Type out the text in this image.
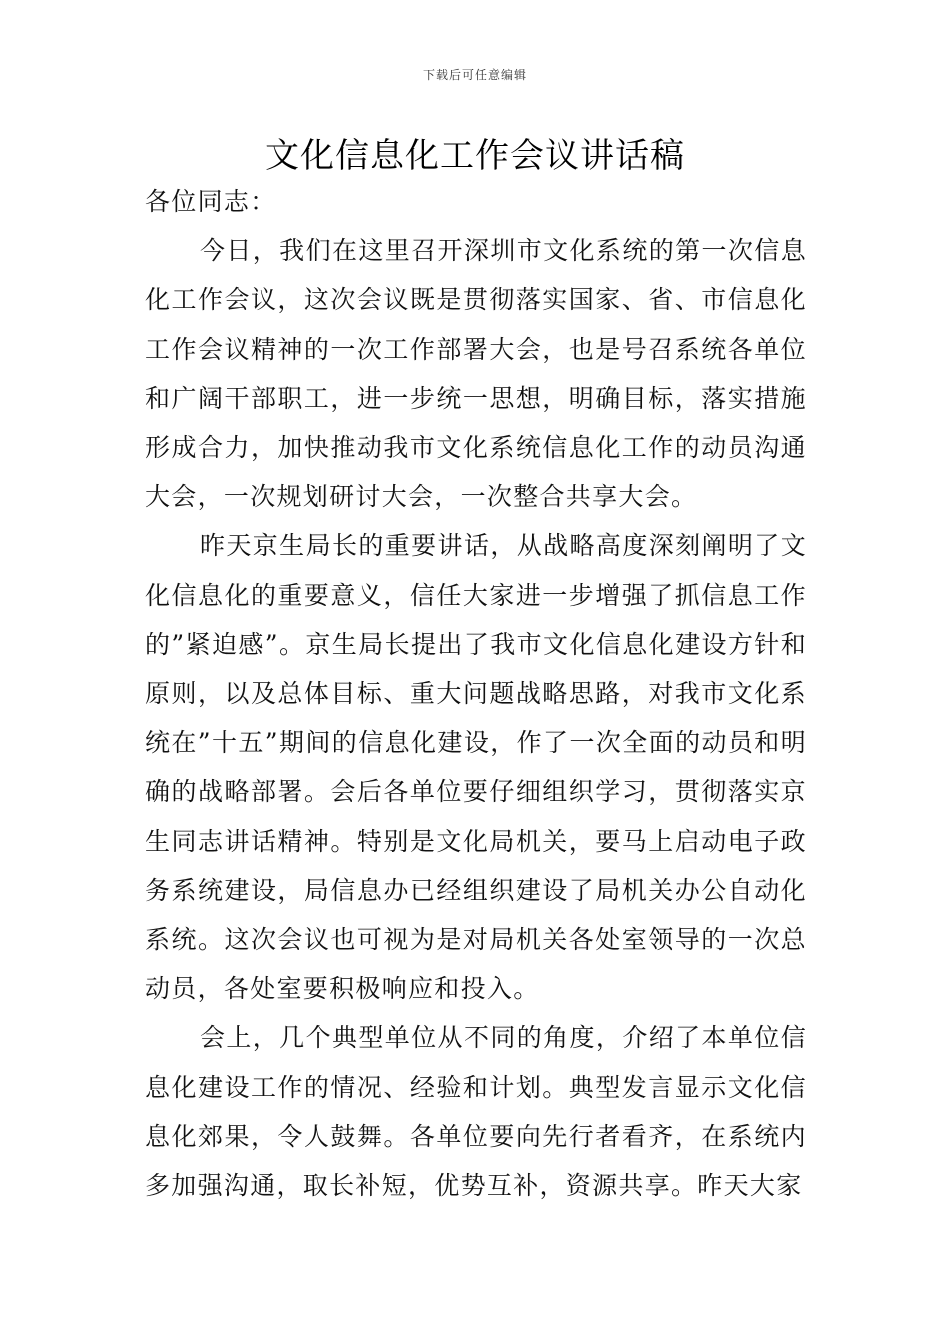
下载后可任意编辑
文化信息化工作会议讲话稿

各位同志：

今日，我们在这里召开深圳市文化系统的第一次信息化工作会议，这次会议既是贯彻落实国家、省、市信息化工作会议精神的一次工作部署大会，也是号召系统各单位和广阔干部职工，进一步统一思想，明确目标，落实措施形成合力，加快推动我市文化系统信息化工作的动员沟通大会，一次规划研讨大会，一次整合共享大会。

昨天京生局长的重要讲话，从战略高度深刻阐明了文化信息化的重要意义，信任大家进一步增强了抓信息工作的”紧迫感”。京生局长提出了我市文化信息化建设方针和原则，以及总体目标、重大问题战略思路，对我市文化系统在”十五”期间的信息化建设，作了一次全面的动员和明确的战略部署。会后各单位要仔细组织学习，贯彻落实京生同志讲话精神。特别是文化局机关，要马上启动电子政务系统建设，局信息办已经组织建设了局机关办公自动化系统。这次会议也可视为是对局机关各处室领导的一次总动员，各处室要积极响应和投入。

会上，几个典型单位从不同的角度，介绍了本单位信息化建设工作的情况、经验和计划。典型发言显示文化信息化郊果，令人鼓舞。各单位要向先行者看齐，在系统内多加强沟通，取长补短，优势互补，资源共享。昨天大家
